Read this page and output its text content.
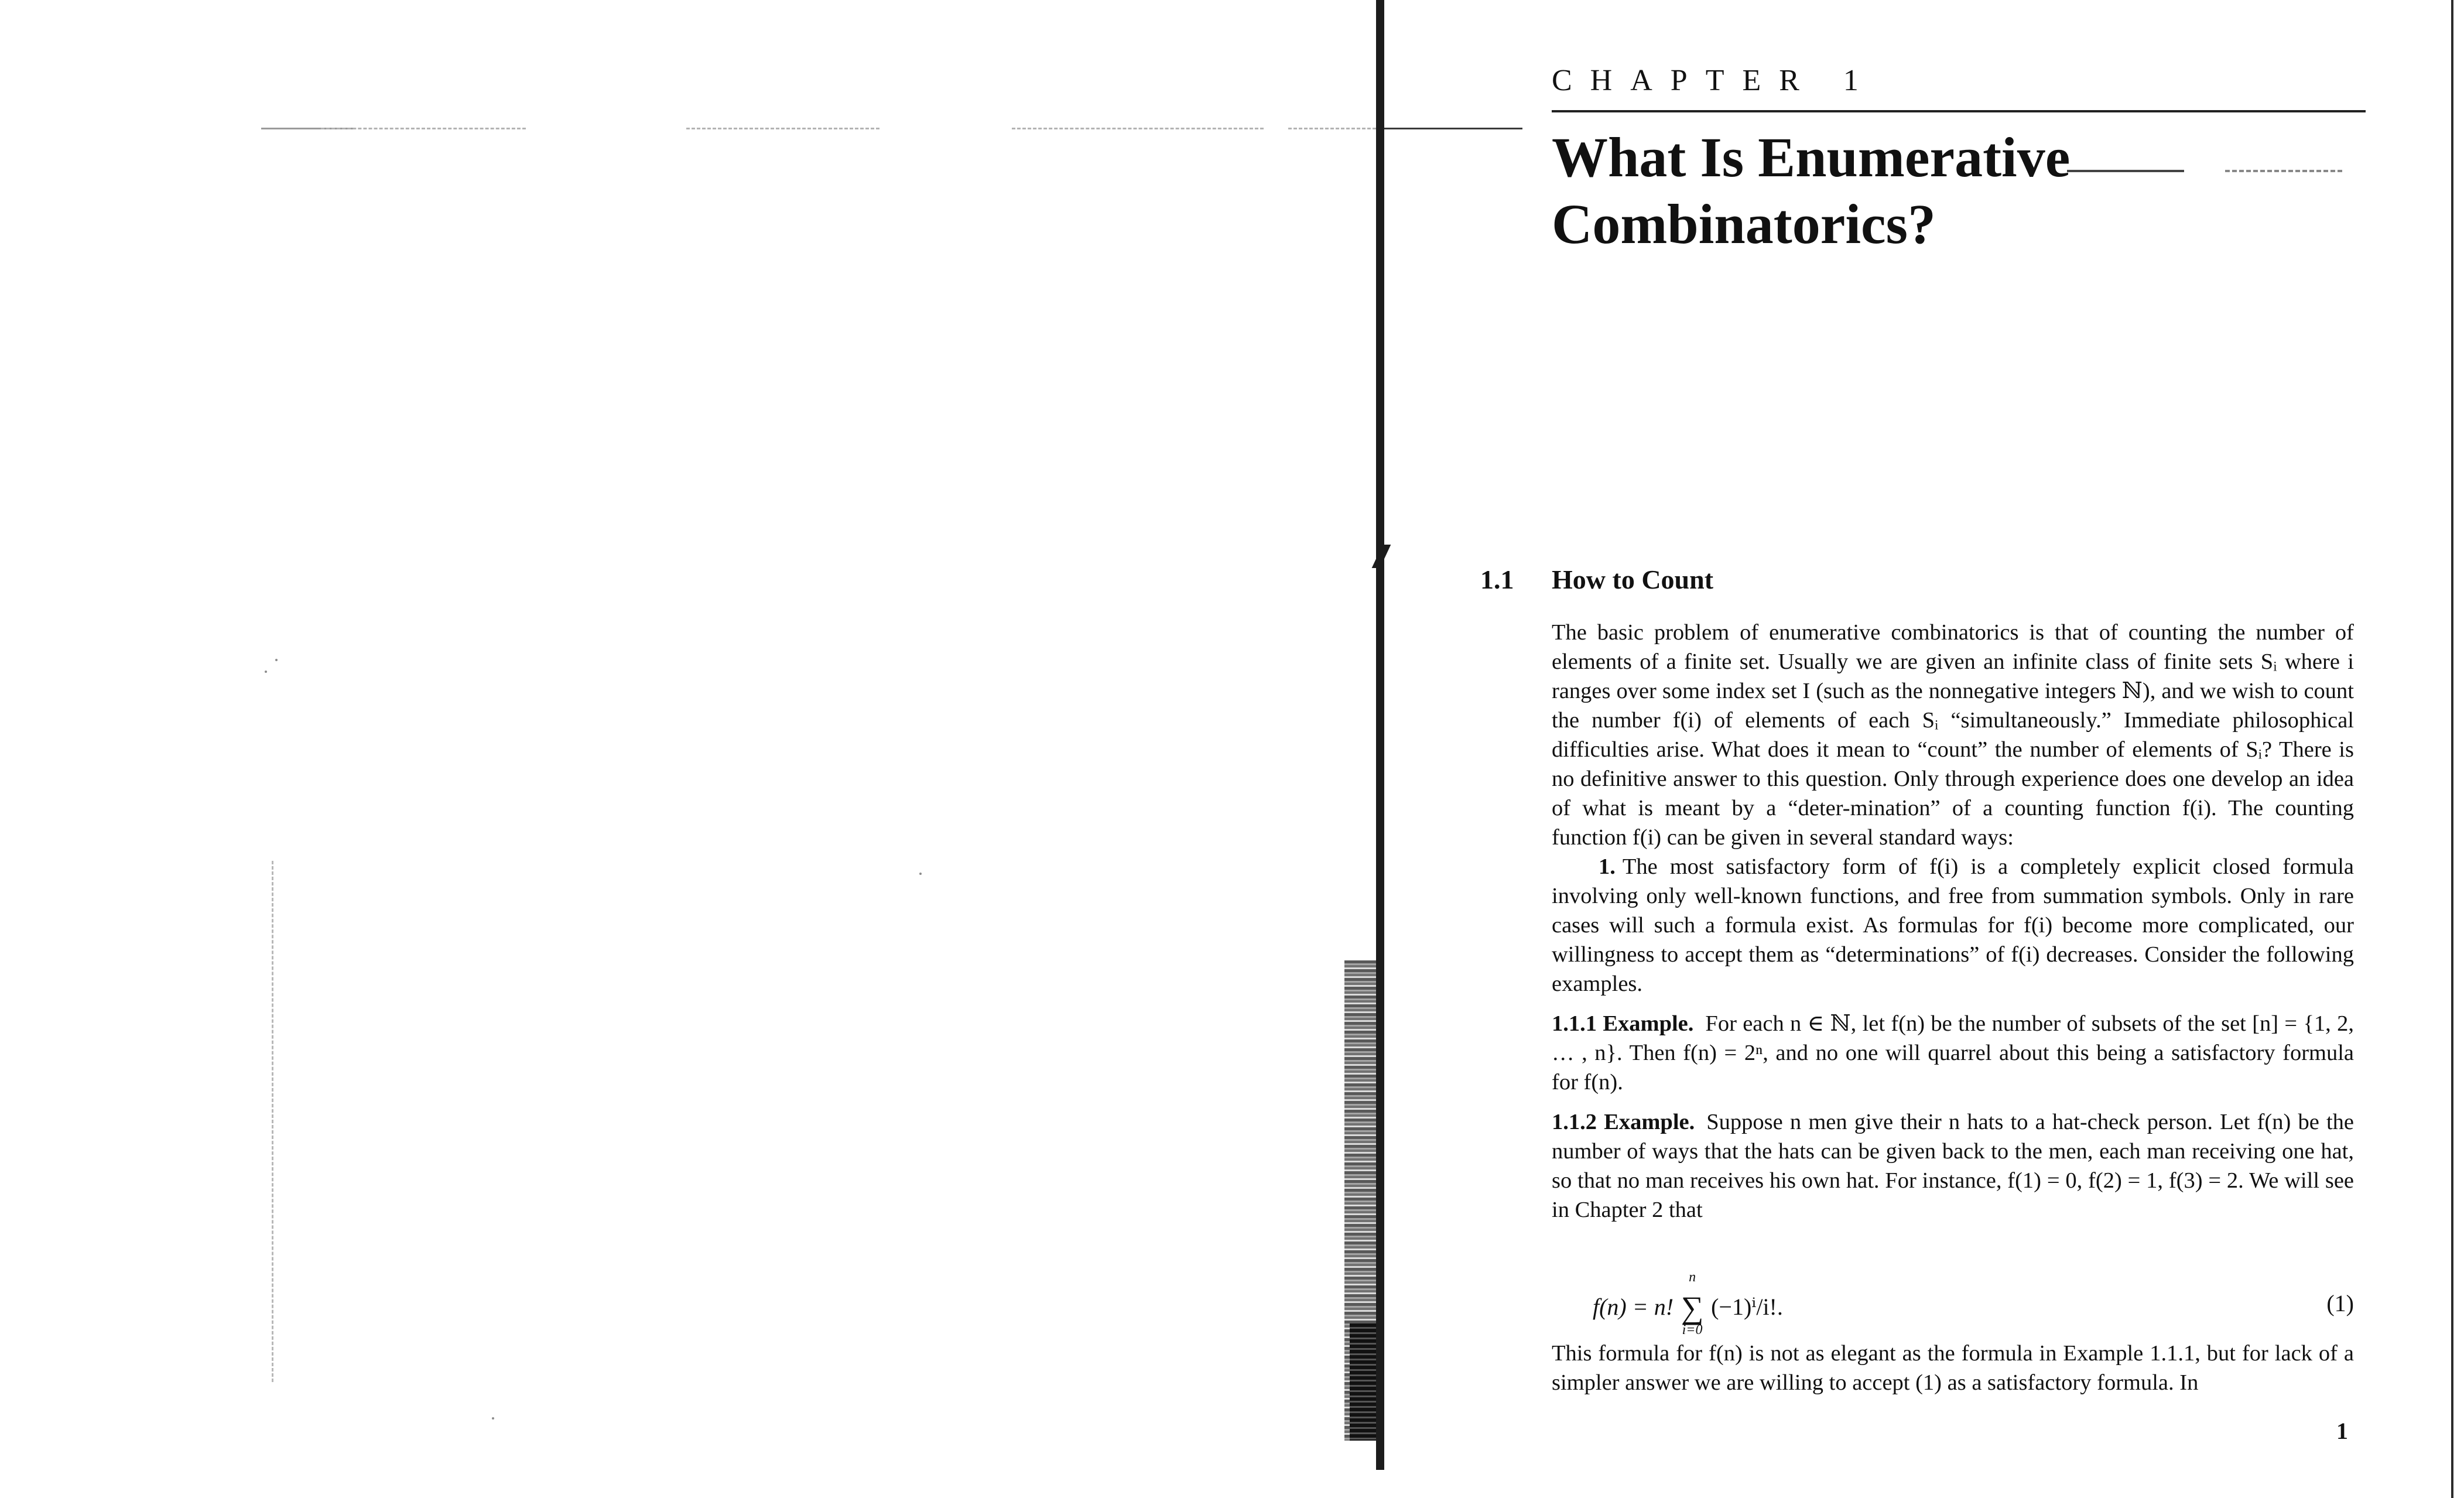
CHAPTER 1
What Is Enumerative
Combinatorics?
1.1 How to Count

The basic problem of enumerative combinatorics is that of counting the number of elements of a finite set. Usually we are given an infinite class of finite sets Sᵢ where i ranges over some index set I (such as the nonnegative integers ℕ), and we wish to count the number f(i) of elements of each Sᵢ “simultaneously.” Immediate philosophical difficulties arise. What does it mean to “count” the number of elements of Sᵢ? There is no definitive answer to this question. Only through experience does one develop an idea of what is meant by a “deter-mination” of a counting function f(i). The counting function f(i) can be given in several standard ways:

1. The most satisfactory form of f(i) is a completely explicit closed formula involving only well-known functions, and free from summation symbols. Only in rare cases will such a formula exist. As formulas for f(i) become more complicated, our willingness to accept them as “determinations” of f(i) decreases. Consider the following examples.

1.1.1 Example. For each n ∈ ℕ, let f(n) be the number of subsets of the set [n] = {1, 2, … , n}. Then f(n) = 2ⁿ, and no one will quarrel about this being a satisfactory formula for f(n).

1.1.2 Example. Suppose n men give their n hats to a hat-check person. Let f(n) be the number of ways that the hats can be given back to the men, each man receiving one hat, so that no man receives his own hat. For instance, f(1) = 0, f(2) = 1, f(3) = 2. We will see in Chapter 2 that

f(n) = n!
n
∑
i=0
(−1)ⁱ/i!.	(1)

This formula for f(n) is not as elegant as the formula in Example 1.1.1, but for lack of a simpler answer we are willing to accept (1) as a satisfactory formula. In

1
